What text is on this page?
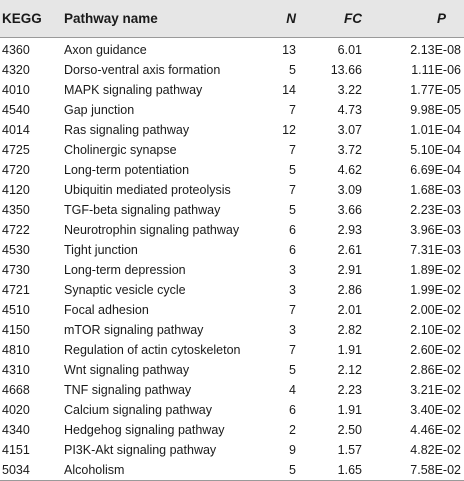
KEGG	Pathway name	N	FC	P
4360	Axon guidance	13	6.01	2.13E-08
4320	Dorso-ventral axis formation	5	13.66	1.11E-06
4010	MAPK signaling pathway	14	3.22	1.77E-05
4540	Gap junction	7	4.73	9.98E-05
4014	Ras signaling pathway	12	3.07	1.01E-04
4725	Cholinergic synapse	7	3.72	5.10E-04
4720	Long-term potentiation	5	4.62	6.69E-04
4120	Ubiquitin mediated proteolysis	7	3.09	1.68E-03
4350	TGF-beta signaling pathway	5	3.66	2.23E-03
4722	Neurotrophin signaling pathway	6	2.93	3.96E-03
4530	Tight junction	6	2.61	7.31E-03
4730	Long-term depression	3	2.91	1.89E-02
4721	Synaptic vesicle cycle	3	2.86	1.99E-02
4510	Focal adhesion	7	2.01	2.00E-02
4150	mTOR signaling pathway	3	2.82	2.10E-02
4810	Regulation of actin cytoskeleton	7	1.91	2.60E-02
4310	Wnt signaling pathway	5	2.12	2.86E-02
4668	TNF signaling pathway	4	2.23	3.21E-02
4020	Calcium signaling pathway	6	1.91	3.40E-02
4340	Hedgehog signaling pathway	2	2.50	4.46E-02
4151	PI3K-Akt signaling pathway	9	1.57	4.82E-02
5034	Alcoholism	5	1.65	7.58E-02
